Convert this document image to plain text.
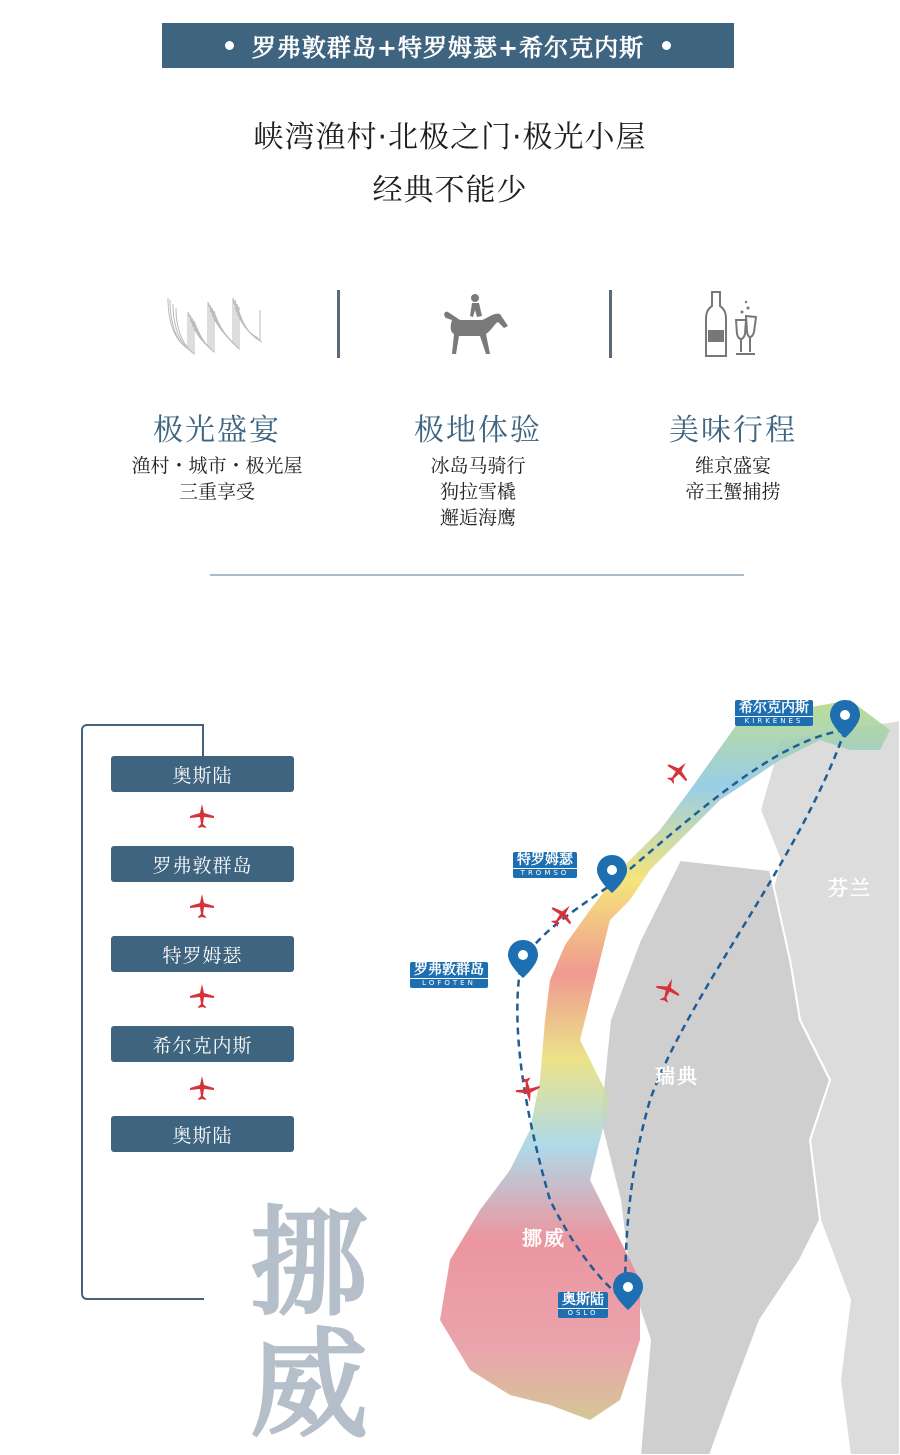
罗弗敦群岛+特罗姆瑟+希尔克内斯
峡湾渔村·北极之门·极光小屋
经典不能少
极光盛宴
渔村・城市・极光屋
三重享受
极地体验
冰岛马骑行
狗拉雪橇
邂逅海鹰
美味行程
维京盛宴
帝王蟹捕捞
奥斯陆
罗弗敦群岛
特罗姆瑟
希尔克内斯
奥斯陆
希尔克内斯
KIRKENES
特罗姆瑟
TROMSO
罗弗敦群岛
LOFOTEN
奥斯陆
OSLO
芬兰
瑞典
挪威
挪
威
